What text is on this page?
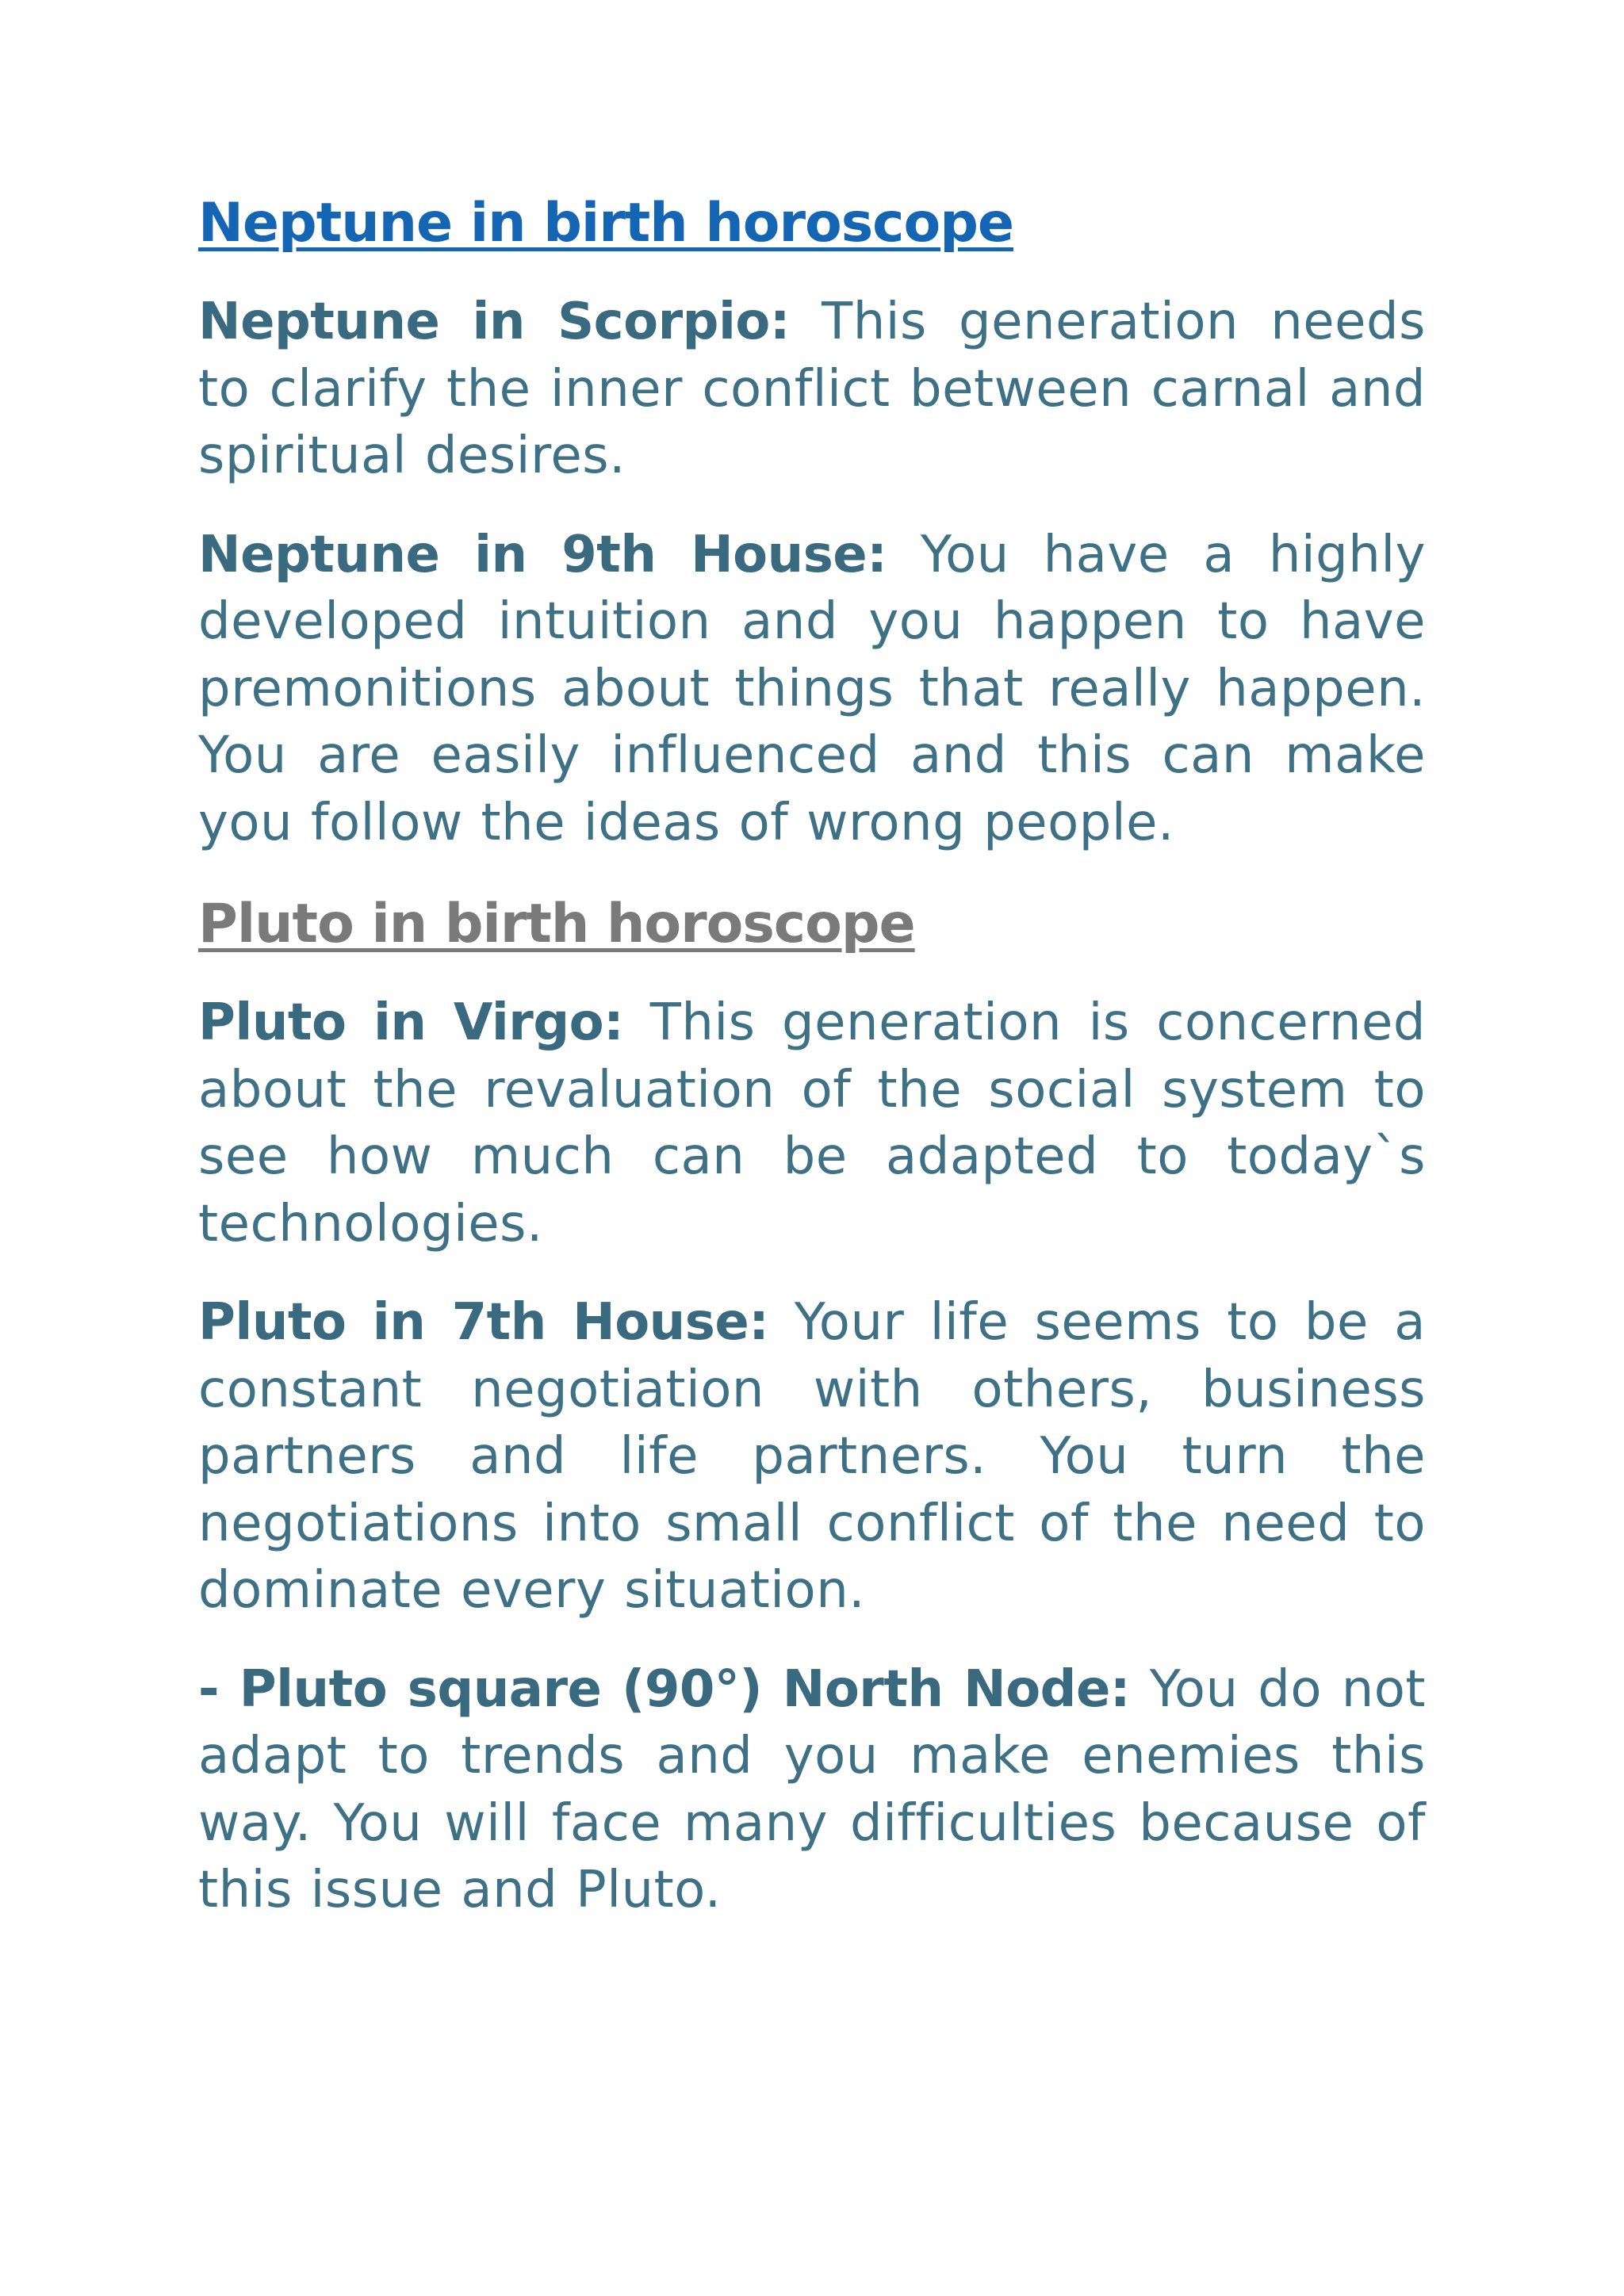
Neptune in birth horoscope

Neptune in Scorpio: This generation needs to clarify the inner conflict between carnal and spiritual desires.

Neptune in 9th House: You have a highly developed intuition and you happen to have premonitions about things that really happen. You are easily influenced and this can make you follow the ideas of wrong people.

Pluto in birth horoscope

Pluto in Virgo: This generation is concerned about the revaluation of the social system to see how much can be adapted to today`s technologies.

Pluto in 7th House: Your life seems to be a constant negotiation with others, business partners and life partners. You turn the negotiations into small conflict of the need to dominate every situation.

- Pluto square (90°) North Node: You do not adapt to trends and you make enemies this way. You will face many difficulties because of this issue and Pluto.
